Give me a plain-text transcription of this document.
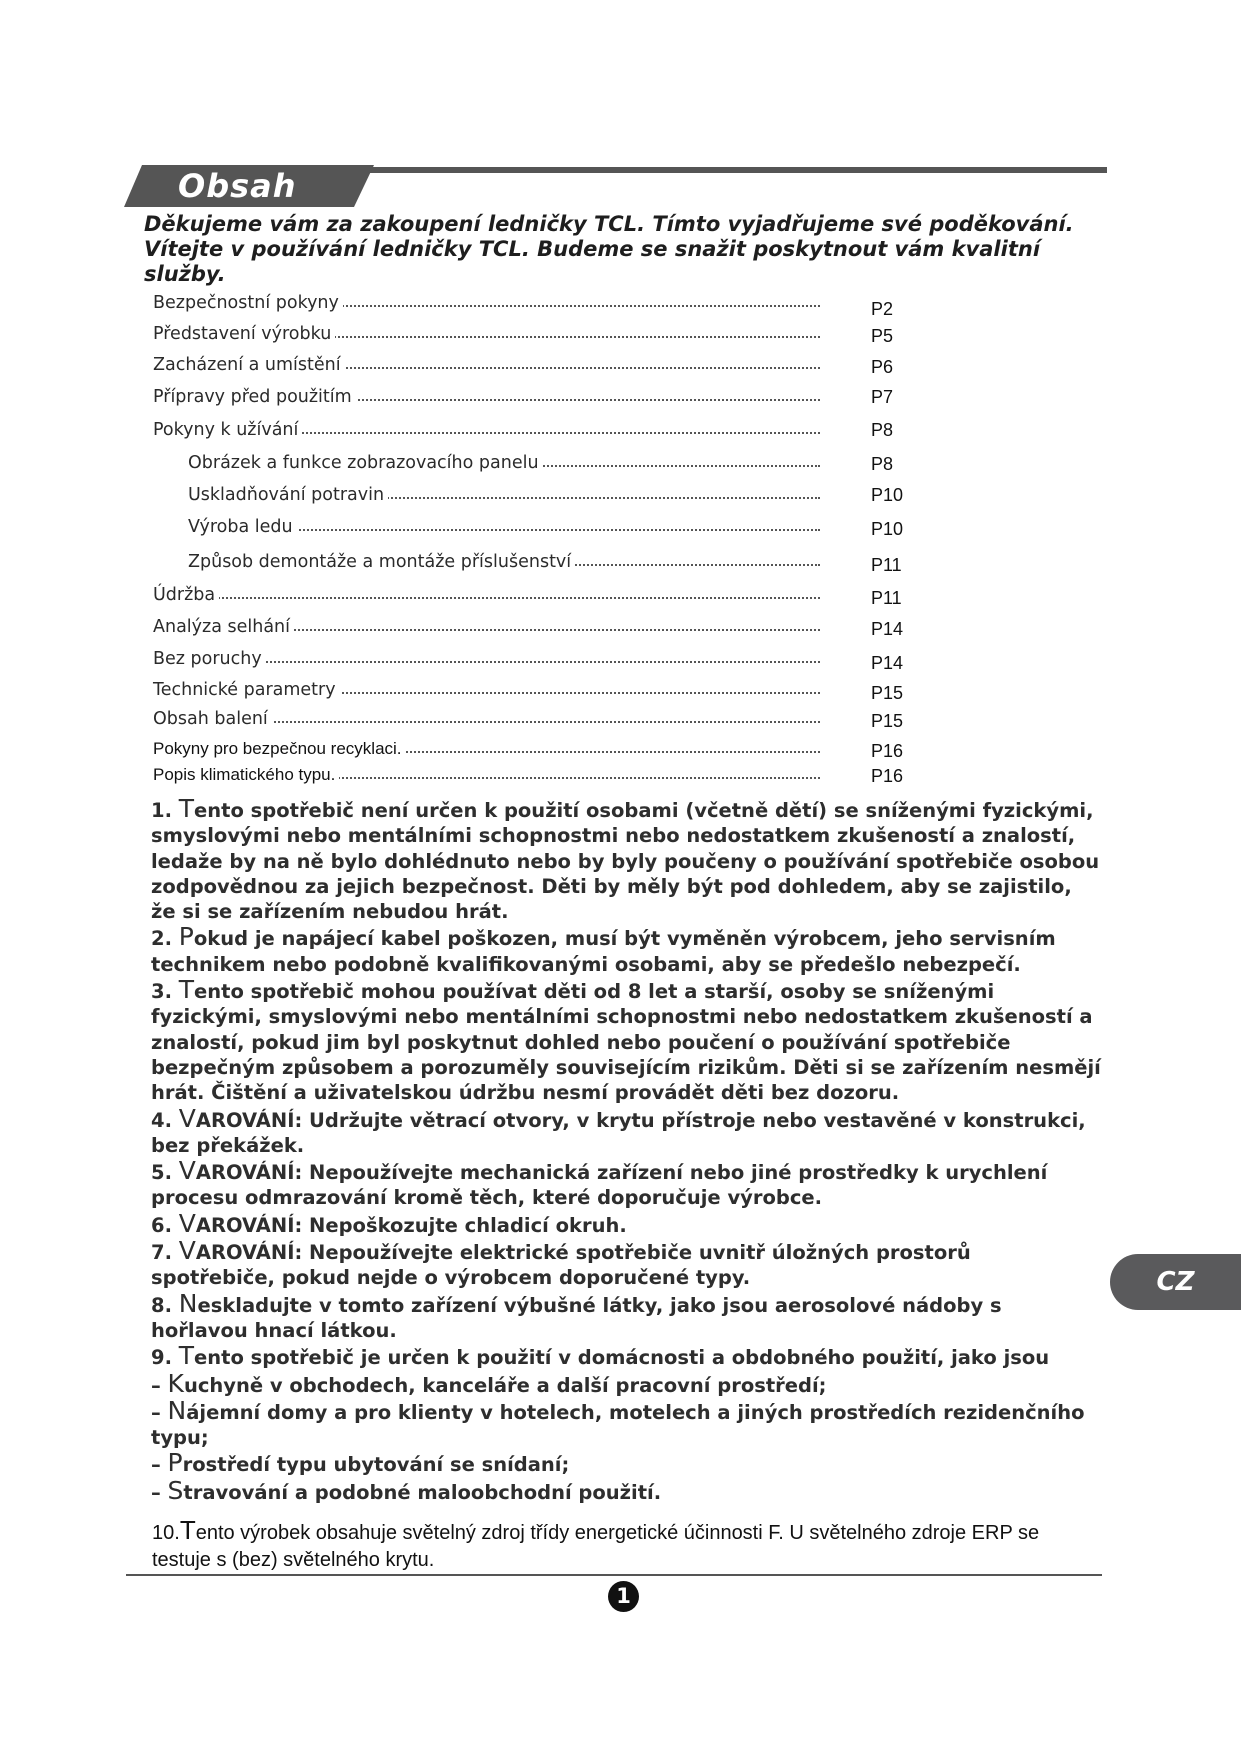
Obsah
Děkujeme vám za zakoupení ledničky TCL. Tímto vyjadřujeme své poděkování.
Vítejte v používání ledničky TCL. Budeme se snažit poskytnout vám kvalitní
služby.
Bezpečnostní pokyny	P2
Představení výrobku	P5
Zacházení a umístění	P6
Přípravy před použitím	P7
Pokyny k užívání	P8
Obrázek a funkce zobrazovacího panelu	P8
Uskladňování potravin	P10
Výroba ledu	P10
Způsob demontáže a montáže příslušenství	P11
Údržba	P11
Analýza selhání	P14
Bez poruchy	P14
Technické parametry	P15
Obsah balení	P15
Pokyny pro bezpečnou recyklaci.	P16
Popis klimatického typu.	P16

1. Tento spotřebič není určen k použití osobami (včetně dětí) se sníženými fyzickými, smyslovými nebo mentálními schopnostmi nebo nedostatkem zkušeností a znalostí, ledaže by na ně bylo dohlédnuto nebo by byly poučeny o používání spotřebiče osobou zodpovědnou za jejich bezpečnost. Děti by měly být pod dohledem, aby se zajistilo, že si se zařízením nebudou hrát.

2. Pokud je napájecí kabel poškozen, musí být vyměněn výrobcem, jeho servisním technikem nebo podobně kvalifikovanými osobami, aby se předešlo nebezpečí.

3. Tento spotřebič mohou používat děti od 8 let a starší, osoby se sníženými fyzickými, smyslovými nebo mentálními schopnostmi nebo nedostatkem zkušeností a znalostí, pokud jim byl poskytnut dohled nebo poučení o používání spotřebiče bezpečným způsobem a porozuměly souvisejícím rizikům. Děti si se zařízením nesmějí hrát. Čištění a uživatelskou údržbu nesmí provádět děti bez dozoru.

4. VAROVÁNÍ: Udržujte větrací otvory, v krytu přístroje nebo vestavěné v konstrukci, bez překážek.

5. VAROVÁNÍ: Nepoužívejte mechanická zařízení nebo jiné prostředky k urychlení procesu odmrazování kromě těch, které doporučuje výrobce.

6. VAROVÁNÍ: Nepoškozujte chladicí okruh.

7. VAROVÁNÍ: Nepoužívejte elektrické spotřebiče uvnitř úložných prostorů spotřebiče, pokud nejde o výrobcem doporučené typy.

8. Neskladujte v tomto zařízení výbušné látky, jako jsou aerosolové nádoby s hořlavou hnací látkou.

9. Tento spotřebič je určen k použití v domácnosti a obdobného použití, jako jsou

– Kuchyně v obchodech, kanceláře a další pracovní prostředí;

– Nájemní domy a pro klienty v hotelech, motelech a jiných prostředích rezidenčního typu;

– Prostředí typu ubytování se snídaní;

– Stravování a podobné maloobchodní použití.

10.Tento výrobek obsahuje světelný zdroj třídy energetické účinnosti F. U světelného zdroje ERP se testuje s (bez) světelného krytu.
1
CZ
